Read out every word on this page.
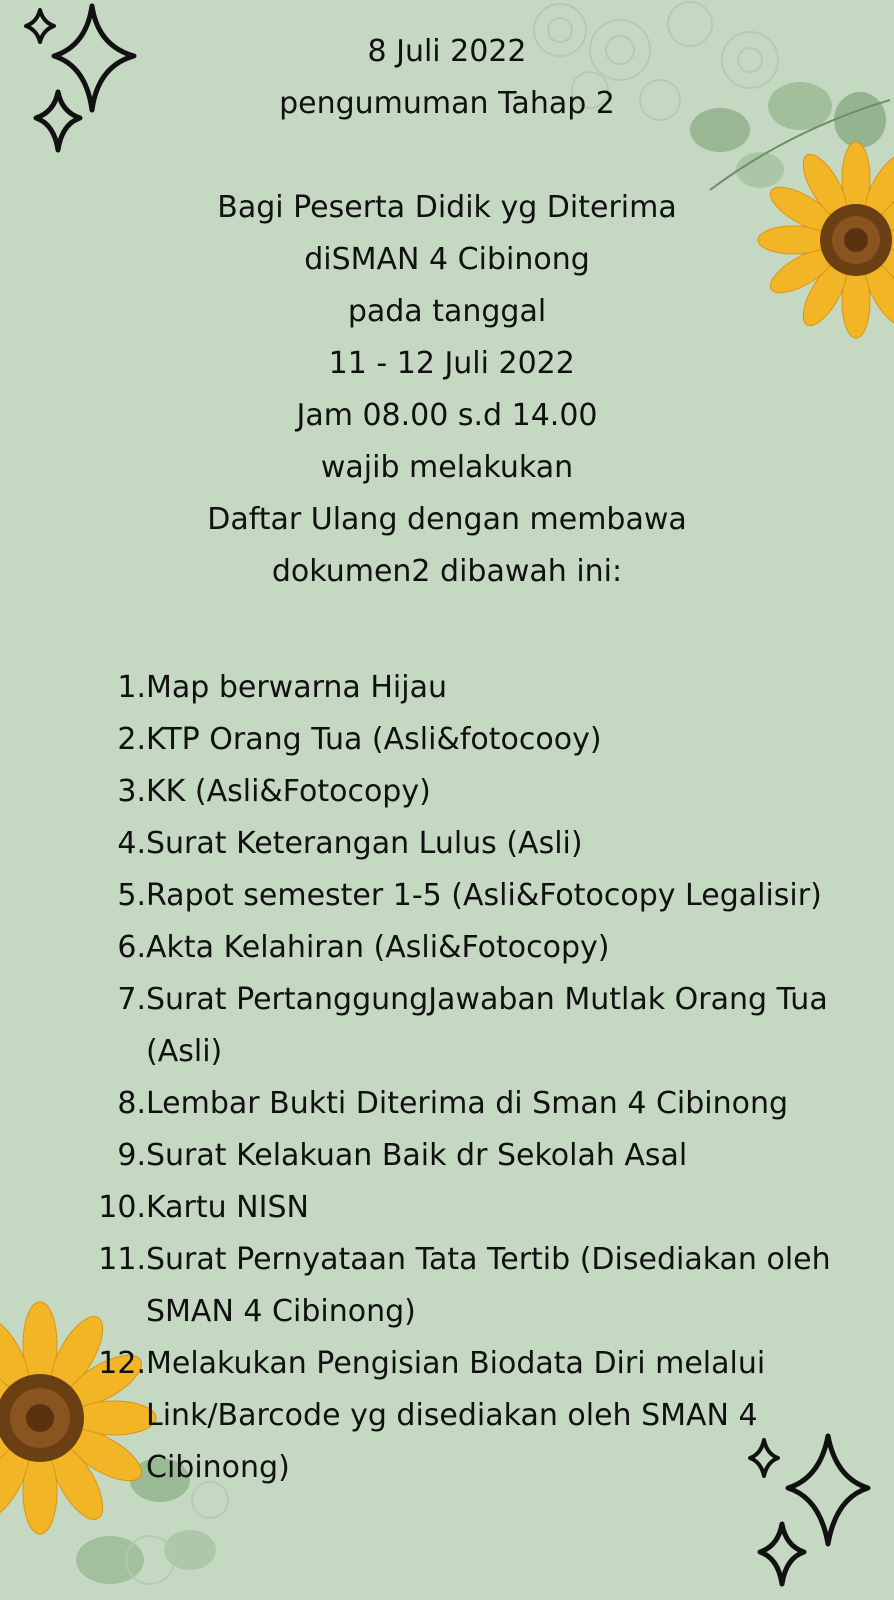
8 Juli 2022
pengumuman Tahap 2
Bagi Peserta Didik yg Diterima
diSMAN 4 Cibinong
pada tanggal
11 - 12 Juli 2022
Jam 08.00 s.d 14.00
wajib melakukan
Daftar Ulang dengan membawa
dokumen2 dibawah ini:
1. Map berwarna Hijau
2. KTP Orang Tua (Asli&fotocooy)
3. KK (Asli&Fotocopy)
4. Surat Keterangan Lulus (Asli)
5. Rapot semester 1-5 (Asli&Fotocopy Legalisir)
6. Akta Kelahiran (Asli&Fotocopy)
7. Surat PertanggungJawaban Mutlak Orang Tua (Asli)
8. Lembar Bukti Diterima di Sman 4 Cibinong
9. Surat Kelakuan Baik dr Sekolah Asal
10. Kartu NISN
11. Surat Pernyataan Tata Tertib (Disediakan oleh SMAN 4 Cibinong)
12. Melakukan Pengisian Biodata Diri melalui Link/Barcode yg disediakan oleh SMAN 4 Cibinong)
